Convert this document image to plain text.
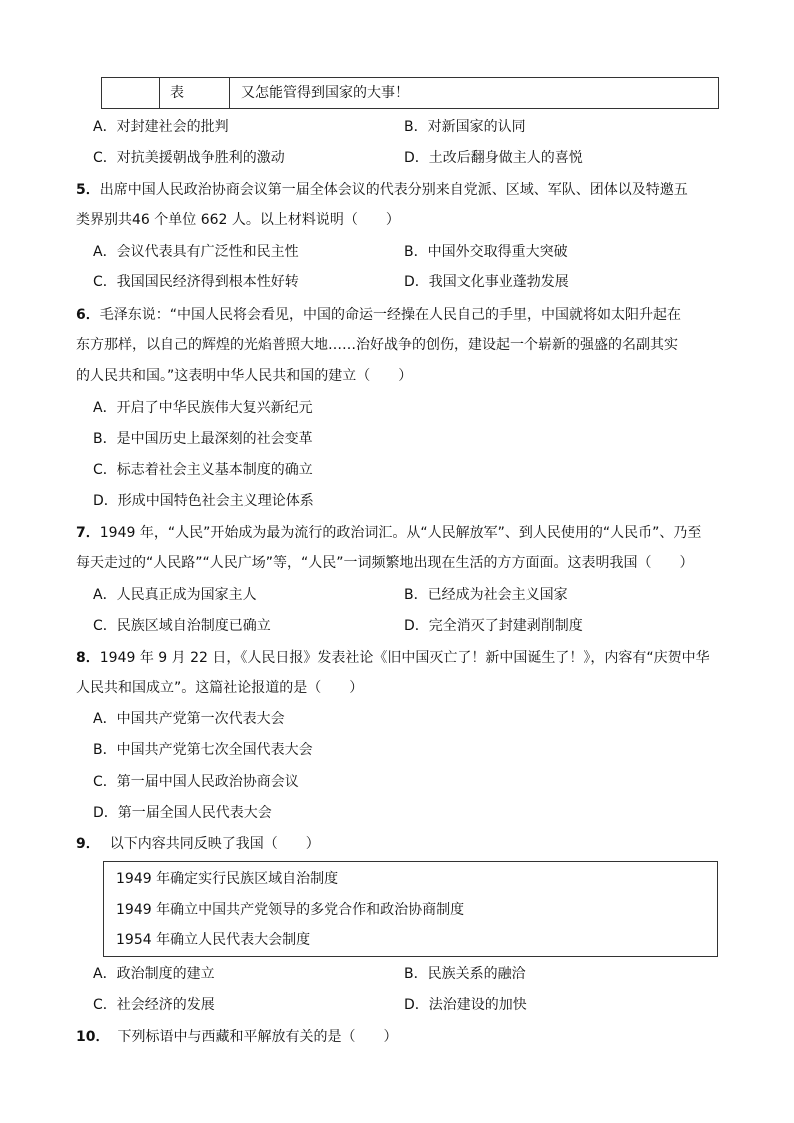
表	又怎能管得到国家的大事！
A．对封建社会的批判	B．对新国家的认同
C．对抗美援朝战争胜利的激动	D．土改后翻身做主人的喜悦
5．出席中国人民政治协商会议第一届全体会议的代表分别来自党派、区域、军队、团体以及特邀五
类界别共46 个单位 662 人。以上材料说明（　　）
A．会议代表具有广泛性和民主性	B．中国外交取得重大突破
C．我国国民经济得到根本性好转	D．我国文化事业蓬勃发展
6．毛泽东说：“中国人民将会看见，中国的命运一经操在人民自己的手里，中国就将如太阳升起在
东方那样，以自己的辉煌的光焰普照大地……治好战争的创伤，建设起一个崭新的强盛的名副其实
的人民共和国。”这表明中华人民共和国的建立（　　）
A．开启了中华民族伟大复兴新纪元
B．是中国历史上最深刻的社会变革
C．标志着社会主义基本制度的确立
D．形成中国特色社会主义理论体系
7．1949 年，“人民”开始成为最为流行的政治词汇。从“人民解放军”、到人民使用的“人民币”、乃至
每天走过的“人民路”“人民广场”等，“人民”一词频繁地出现在生活的方方面面。这表明我国（　　）
A．人民真正成为国家主人	B．已经成为社会主义国家
C．民族区域自治制度已确立	D．完全消灭了封建剥削制度
8．1949 年 9 月 22 日，《人民日报》发表社论《旧中国灭亡了！新中国诞生了！》，内容有“庆贺中华
人民共和国成立”。这篇社论报道的是（　　）
A．中国共产党第一次代表大会
B．中国共产党第七次全国代表大会
C．第一届中国人民政治协商会议
D．第一届全国人民代表大会
9． 以下内容共同反映了我国（　　）
1949 年确定实行民族区域自治制度
1949 年确立中国共产党领导的多党合作和政治协商制度
1954 年确立人民代表大会制度
A．政治制度的建立	B．民族关系的融洽
C．社会经济的发展	D．法治建设的加快
10． 下列标语中与西藏和平解放有关的是（　　）
